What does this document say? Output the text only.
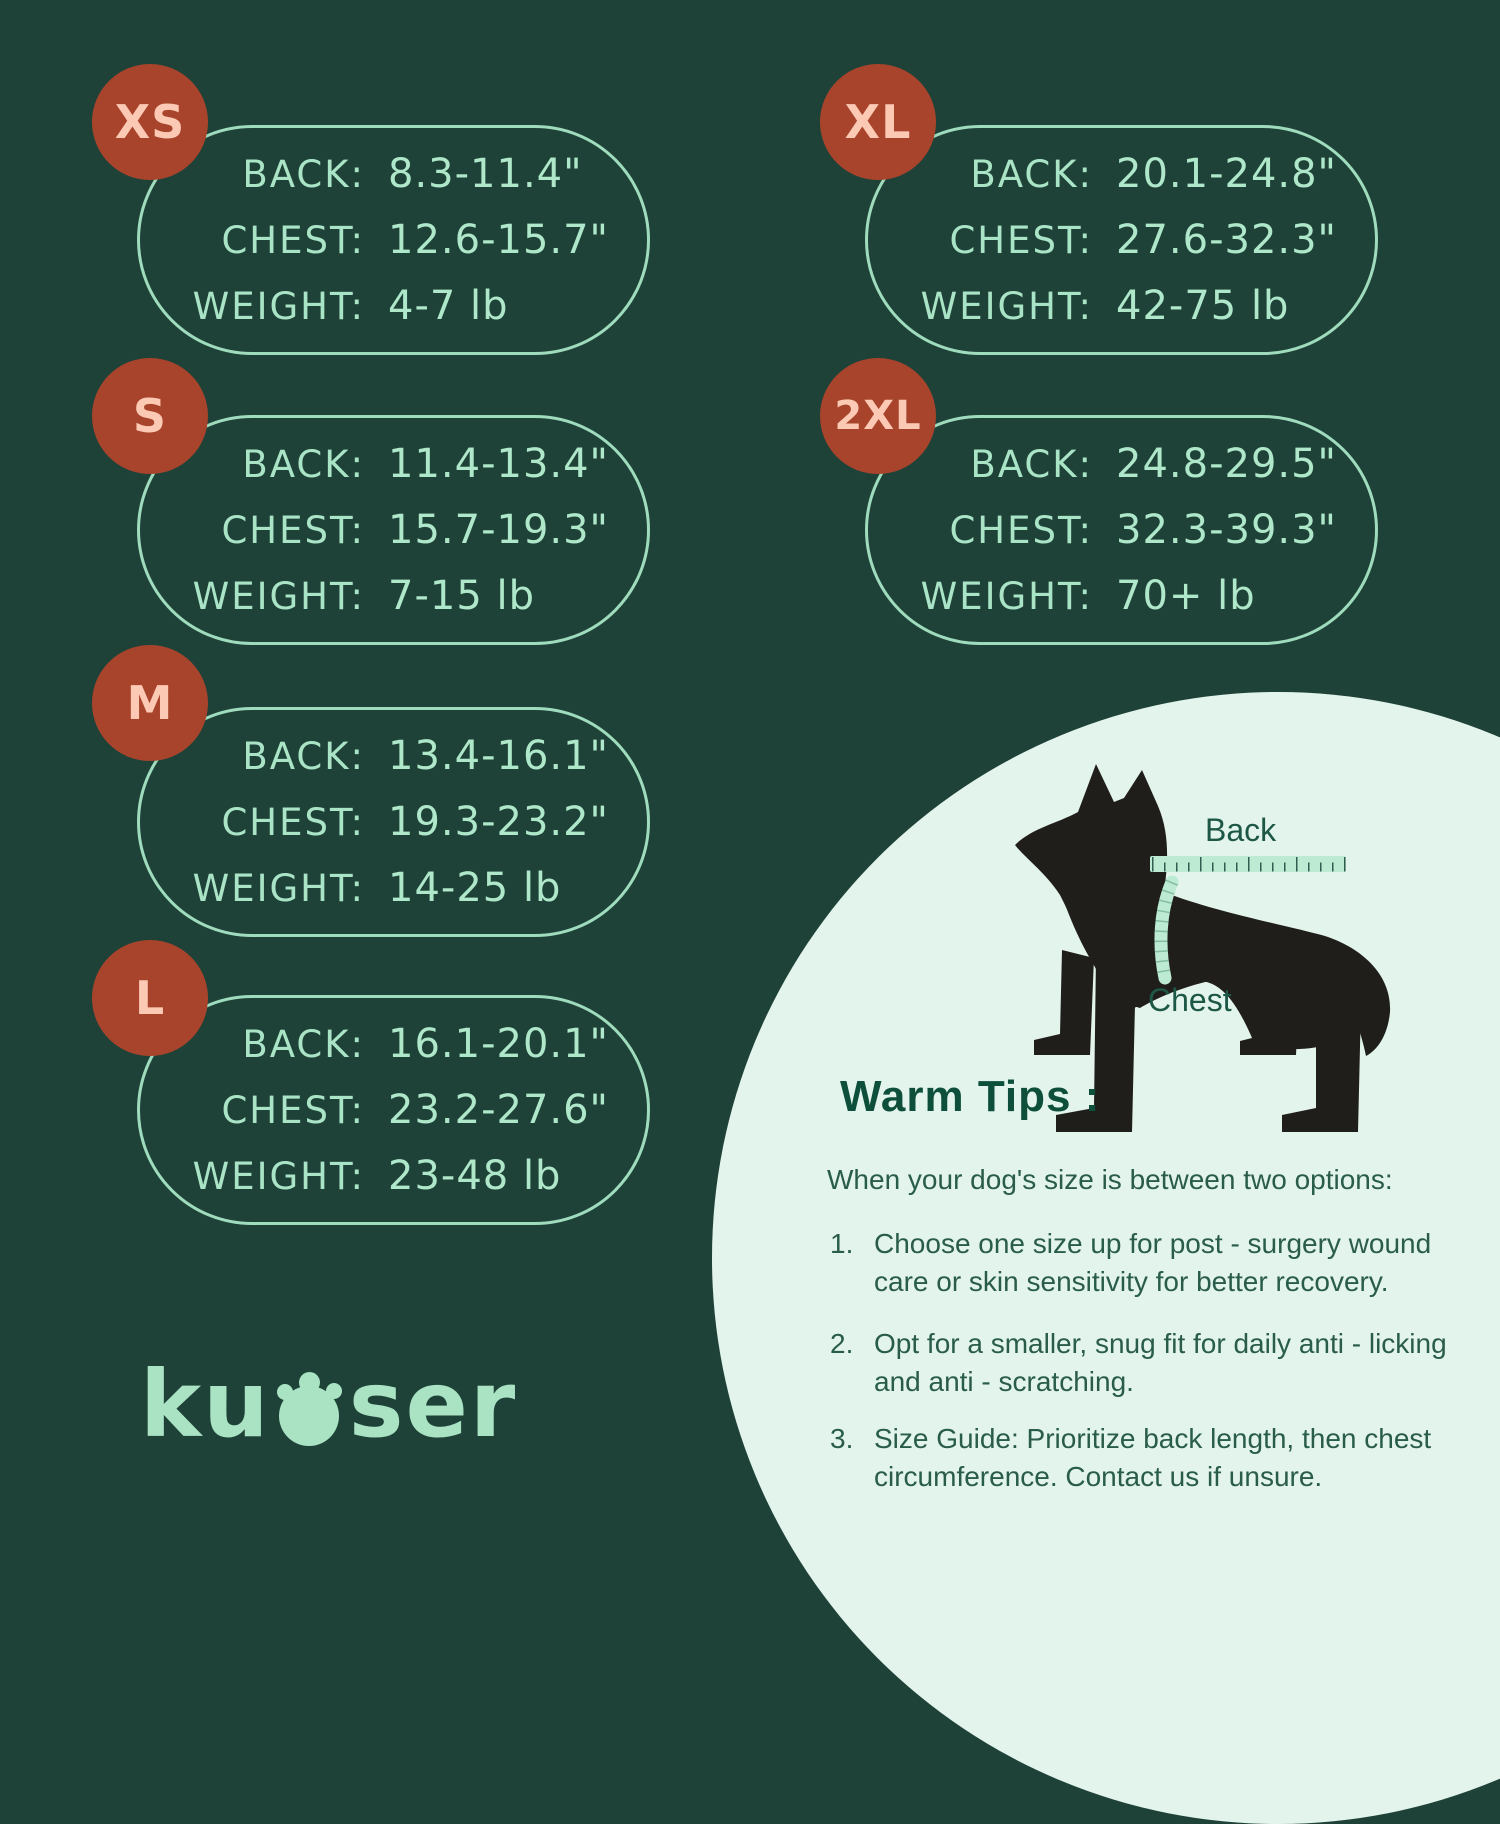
XS
BACK: 8.3-11.4"
CHEST: 12.6-15.7"
WEIGHT: 4-7 lb
S
BACK: 11.4-13.4"
CHEST: 15.7-19.3"
WEIGHT: 7-15 lb
M
BACK: 13.4-16.1"
CHEST: 19.3-23.2"
WEIGHT: 14-25 lb
L
BACK: 16.1-20.1"
CHEST: 23.2-27.6"
WEIGHT: 23-48 lb
XL
BACK: 20.1-24.8"
CHEST: 27.6-32.3"
WEIGHT: 42-75 lb
2XL
BACK: 24.8-29.5"
CHEST: 32.3-39.3"
WEIGHT: 70+ lb
Back
Chest
Warm Tips :
When your dog's size is between two options:
1. Choose one size up for post - surgery wound care or skin sensitivity for better recovery.
2. Opt for a smaller, snug fit for daily anti - licking and anti - scratching.
3. Size Guide: Prioritize back length, then chest circumference. Contact us if unsure.
ku ser
